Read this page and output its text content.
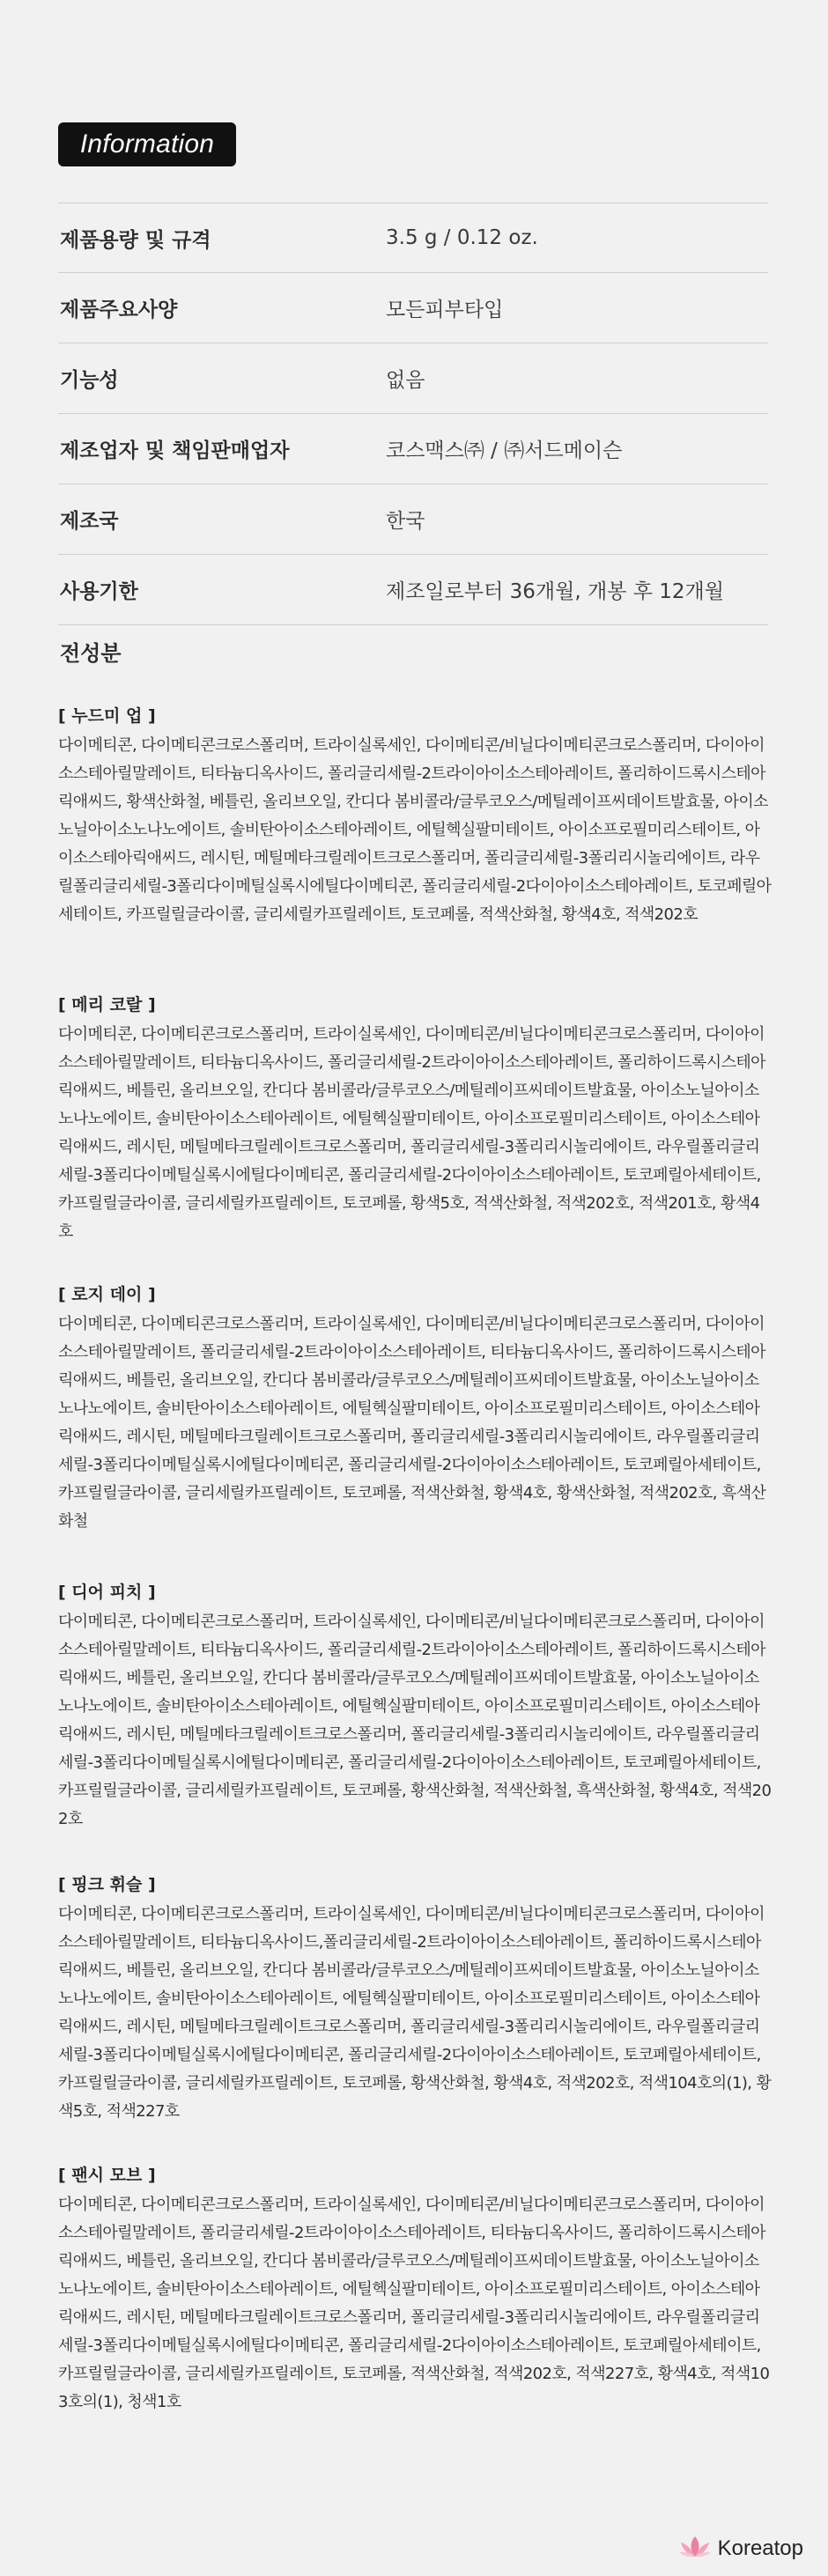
Information
제품용량 및 규격	3.5 g / 0.12 oz.
제품주요사양	모든피부타입
기능성	없음
제조업자 및 책임판매업자	코스맥스㈜ / ㈜서드메이슨
제조국	한국
사용기한	제조일로부터 36개월, 개봉 후 12개월
전성분

[ 누드미 업 ]

다이메티콘, 다이메티콘크로스폴리머, 트라이실록세인, 다이메티콘/비닐다이메티콘크로스폴리머, 다이아이소스테아릴말레이트, 티타늄디옥사이드, 폴리글리세릴-2트라이아이소스테아레이트, 폴리하이드록시스테아릭애씨드, 황색산화철, 베틀린, 올리브오일, 칸디다 봄비콜라/글루코오스/메틸레이프씨데이트발효물, 아이소노닐아이소노나노에이트, 솔비탄아이소스테아레이트, 에틸헥실팔미테이트, 아이소프로필미리스테이트, 아이소스테아릭애씨드, 레시틴, 메틸메타크릴레이트크로스폴리머, 폴리글리세릴-3폴리리시놀리에이트, 라우릴폴리글리세릴-3폴리다이메틸실록시에틸다이메티콘, 폴리글리세릴-2다이아이소스테아레이트, 토코페릴아세테이트, 카프릴릴글라이콜, 글리세릴카프릴레이트, 토코페롤, 적색산화철, 황색4호, 적색202호

[ 메리 코랄 ]

다이메티콘, 다이메티콘크로스폴리머, 트라이실록세인, 다이메티콘/비닐다이메티콘크로스폴리머, 다이아이소스테아릴말레이트, 티타늄디옥사이드, 폴리글리세릴-2트라이아이소스테아레이트, 폴리하이드록시스테아릭애씨드, 베틀린, 올리브오일, 칸디다 봄비콜라/글루코오스/메틸레이프씨데이트발효물, 아이소노닐아이소노나노에이트, 솔비탄아이소스테아레이트, 에틸헥실팔미테이트, 아이소프로필미리스테이트, 아이소스테아릭애씨드, 레시틴, 메틸메타크릴레이트크로스폴리머, 폴리글리세릴-3폴리리시놀리에이트, 라우릴폴리글리세릴-3폴리다이메틸실록시에틸다이메티콘, 폴리글리세릴-2다이아이소스테아레이트, 토코페릴아세테이트, 카프릴릴글라이콜, 글리세릴카프릴레이트, 토코페롤, 황색5호, 적색산화철, 적색202호, 적색201호, 황색4호

[ 로지 데이 ]

다이메티콘, 다이메티콘크로스폴리머, 트라이실록세인, 다이메티콘/비닐다이메티콘크로스폴리머, 다이아이소스테아릴말레이트, 폴리글리세릴-2트라이아이소스테아레이트, 티타늄디옥사이드, 폴리하이드록시스테아릭애씨드, 베틀린, 올리브오일, 칸디다 봄비콜라/글루코오스/메틸레이프씨데이트발효물, 아이소노닐아이소노나노에이트, 솔비탄아이소스테아레이트, 에틸헥실팔미테이트, 아이소프로필미리스테이트, 아이소스테아릭애씨드, 레시틴, 메틸메타크릴레이트크로스폴리머, 폴리글리세릴-3폴리리시놀리에이트, 라우릴폴리글리세릴-3폴리다이메틸실록시에틸다이메티콘, 폴리글리세릴-2다이아이소스테아레이트, 토코페릴아세테이트, 카프릴릴글라이콜, 글리세릴카프릴레이트, 토코페롤, 적색산화철, 황색4호, 황색산화철, 적색202호, 흑색산화철

[ 디어 피치 ]

다이메티콘, 다이메티콘크로스폴리머, 트라이실록세인, 다이메티콘/비닐다이메티콘크로스폴리머, 다이아이소스테아릴말레이트, 티타늄디옥사이드, 폴리글리세릴-2트라이아이소스테아레이트, 폴리하이드록시스테아릭애씨드, 베틀린, 올리브오일, 칸디다 봄비콜라/글루코오스/메틸레이프씨데이트발효물, 아이소노닐아이소노나노에이트, 솔비탄아이소스테아레이트, 에틸헥실팔미테이트, 아이소프로필미리스테이트, 아이소스테아릭애씨드, 레시틴, 메틸메타크릴레이트크로스폴리머, 폴리글리세릴-3폴리리시놀리에이트, 라우릴폴리글리세릴-3폴리다이메틸실록시에틸다이메티콘, 폴리글리세릴-2다이아이소스테아레이트, 토코페릴아세테이트, 카프릴릴글라이콜, 글리세릴카프릴레이트, 토코페롤, 황색산화철, 적색산화철, 흑색산화철, 황색4호, 적색202호

[ 핑크 휘슬 ]

다이메티콘, 다이메티콘크로스폴리머, 트라이실록세인, 다이메티콘/비닐다이메티콘크로스폴리머, 다이아이소스테아릴말레이트, 티타늄디옥사이드,폴리글리세릴-2트라이아이소스테아레이트, 폴리하이드록시스테아릭애씨드, 베틀린, 올리브오일, 칸디다 봄비콜라/글루코오스/메틸레이프씨데이트발효물, 아이소노닐아이소노나노에이트, 솔비탄아이소스테아레이트, 에틸헥실팔미테이트, 아이소프로필미리스테이트, 아이소스테아릭애씨드, 레시틴, 메틸메타크릴레이트크로스폴리머, 폴리글리세릴-3폴리리시놀리에이트, 라우릴폴리글리세릴-3폴리다이메틸실록시에틸다이메티콘, 폴리글리세릴-2다이아이소스테아레이트, 토코페릴아세테이트, 카프릴릴글라이콜, 글리세릴카프릴레이트, 토코페롤, 황색산화철, 황색4호, 적색202호, 적색104호의(1), 황색5호, 적색227호

[ 팬시 모브 ]

다이메티콘, 다이메티콘크로스폴리머, 트라이실록세인, 다이메티콘/비닐다이메티콘크로스폴리머, 다이아이소스테아릴말레이트, 폴리글리세릴-2트라이아이소스테아레이트, 티타늄디옥사이드, 폴리하이드록시스테아릭애씨드, 베틀린, 올리브오일, 칸디다 봄비콜라/글루코오스/메틸레이프씨데이트발효물, 아이소노닐아이소노나노에이트, 솔비탄아이소스테아레이트, 에틸헥실팔미테이트, 아이소프로필미리스테이트, 아이소스테아릭애씨드, 레시틴, 메틸메타크릴레이트크로스폴리머, 폴리글리세릴-3폴리리시놀리에이트, 라우릴폴리글리세릴-3폴리다이메틸실록시에틸다이메티콘, 폴리글리세릴-2다이아이소스테아레이트, 토코페릴아세테이트, 카프릴릴글라이콜, 글리세릴카프릴레이트, 토코페롤, 적색산화철, 적색202호, 적색227호, 황색4호, 적색103호의(1), 청색1호

Koreatop
